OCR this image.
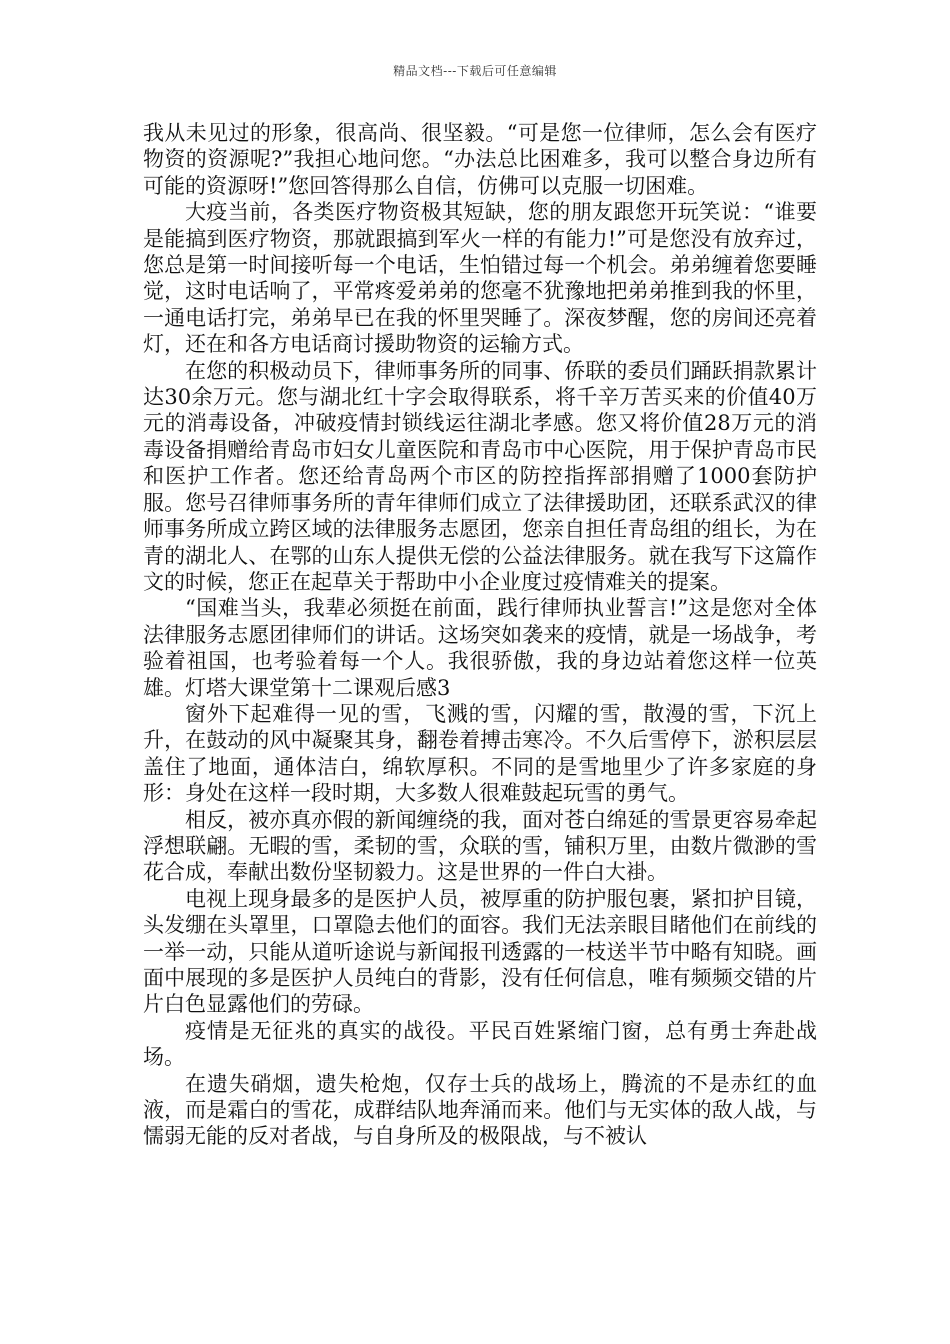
精品文档---下载后可任意编辑

我从未见过的形象，很高尚、很坚毅。“可是您一位律师，怎么会有医疗物资的资源呢?”我担心地问您。“办法总比困难多，我可以整合身边所有可能的资源呀!”您回答得那么自信，仿佛可以克服一切困难。

大疫当前，各类医疗物资极其短缺，您的朋友跟您开玩笑说：“谁要是能搞到医疗物资，那就跟搞到军火一样的有能力!”可是您没有放弃过，您总是第一时间接听每一个电话，生怕错过每一个机会。弟弟缠着您要睡觉，这时电话响了，平常疼爱弟弟的您毫不犹豫地把弟弟推到我的怀里，一通电话打完，弟弟早已在我的怀里哭睡了。深夜梦醒，您的房间还亮着灯，还在和各方电话商讨援助物资的运输方式。

在您的积极动员下，律师事务所的同事、侨联的委员们踊跃捐款累计达30余万元。您与湖北红十字会取得联系，将千辛万苦买来的价值40万元的消毒设备，冲破疫情封锁线运往湖北孝感。您又将价值28万元的消毒设备捐赠给青岛市妇女儿童医院和青岛市中心医院，用于保护青岛市民和医护工作者。您还给青岛两个市区的防控指挥部捐赠了1000套防护服。您号召律师事务所的青年律师们成立了法律援助团，还联系武汉的律师事务所成立跨区域的法律服务志愿团，您亲自担任青岛组的组长，为在青的湖北人、在鄂的山东人提供无偿的公益法律服务。就在我写下这篇作文的时候，您正在起草关于帮助中小企业度过疫情难关的提案。

“国难当头，我辈必须挺在前面，践行律师执业誓言!”这是您对全体法律服务志愿团律师们的讲话。这场突如袭来的疫情，就是一场战争，考验着祖国，也考验着每一个人。我很骄傲，我的身边站着您这样一位英雄。灯塔大课堂第十二课观后感3

窗外下起难得一见的雪，飞溅的雪，闪耀的雪，散漫的雪，下沉上升，在鼓动的风中凝聚其身，翻卷着搏击寒冷。不久后雪停下，淤积层层盖住了地面，通体洁白，绵软厚积。不同的是雪地里少了许多家庭的身形：身处在这样一段时期，大多数人很难鼓起玩雪的勇气。

相反，被亦真亦假的新闻缠绕的我，面对苍白绵延的雪景更容易牵起浮想联翩。无暇的雪，柔韧的雪，众联的雪，铺积万里，由数片微渺的雪花合成，奉献出数份坚韧毅力。这是世界的一件白大褂。

电视上现身最多的是医护人员，被厚重的防护服包裹，紧扣护目镜，头发绷在头罩里，口罩隐去他们的面容。我们无法亲眼目睹他们在前线的一举一动，只能从道听途说与新闻报刊透露的一枝送半节中略有知晓。画面中展现的多是医护人员纯白的背影，没有任何信息，唯有频频交错的片片白色显露他们的劳碌。

疫情是无征兆的真实的战役。平民百姓紧缩门窗，总有勇士奔赴战场。

在遗失硝烟，遗失枪炮，仅存士兵的战场上，腾流的不是赤红的血液，而是霜白的雪花，成群结队地奔涌而来。他们与无实体的敌人战，与懦弱无能的反对者战，与自身所及的极限战，与不被认
